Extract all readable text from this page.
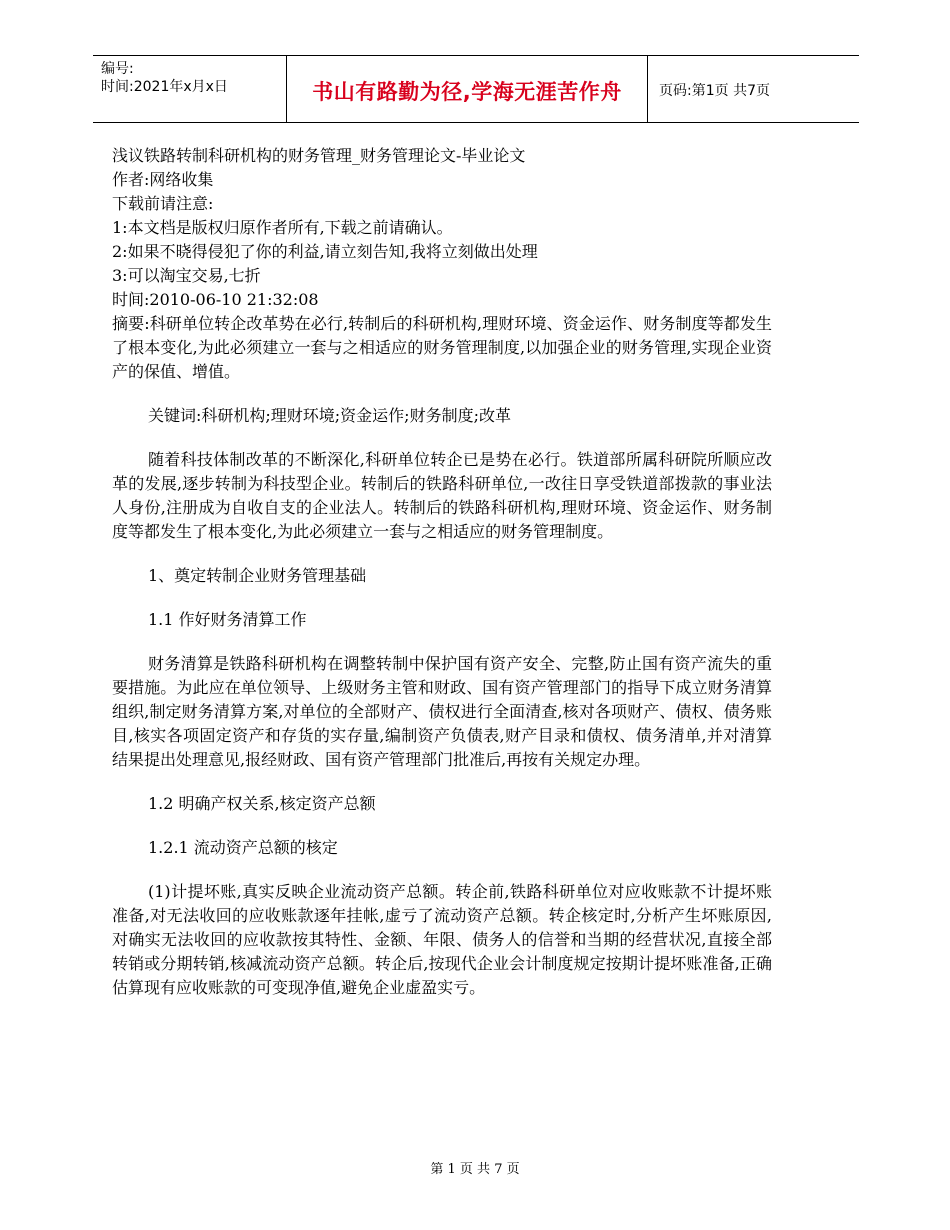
编号:
时间:2021年x月x日	书山有路勤为径,学海无涯苦作舟	页码:第1页 共7页
浅议铁路转制科研机构的财务管理_财务管理论文-毕业论文
作者:网络收集
下载前请注意:
1:本文档是版权归原作者所有,下载之前请确认。
2:如果不晓得侵犯了你的利益,请立刻告知,我将立刻做出处理
3:可以淘宝交易,七折
时间:2010-06-10 21:32:08

摘要:科研单位转企改革势在必行,转制后的科研机构,理财环境、资金运作、财务制度等都发生了根本变化,为此必须建立一套与之相适应的财务管理制度,以加强企业的财务管理,实现企业资产的保值、增值。

关键词:科研机构;理财环境;资金运作;财务制度;改革

随着科技体制改革的不断深化,科研单位转企已是势在必行。铁道部所属科研院所顺应改革的发展,逐步转制为科技型企业。转制后的铁路科研单位,一改往日享受铁道部拨款的事业法人身份,注册成为自收自支的企业法人。转制后的铁路科研机构,理财环境、资金运作、财务制度等都发生了根本变化,为此必须建立一套与之相适应的财务管理制度。

1、奠定转制企业财务管理基础

1.1 作好财务清算工作

财务清算是铁路科研机构在调整转制中保护国有资产安全、完整,防止国有资产流失的重要措施。为此应在单位领导、上级财务主管和财政、国有资产管理部门的指导下成立财务清算组织,制定财务清算方案,对单位的全部财产、债权进行全面清查,核对各项财产、债权、债务账目,核实各项固定资产和存货的实存量,编制资产负债表,财产目录和债权、债务清单,并对清算结果提出处理意见,报经财政、国有资产管理部门批准后,再按有关规定办理。

1.2 明确产权关系,核定资产总额

1.2.1 流动资产总额的核定

(1)计提坏账,真实反映企业流动资产总额。转企前,铁路科研单位对应收账款不计提坏账准备,对无法收回的应收账款逐年挂帐,虚亏了流动资产总额。转企核定时,分析产生坏账原因,对确实无法收回的应收款按其特性、金额、年限、债务人的信誉和当期的经营状况,直接全部转销或分期转销,核减流动资产总额。转企后,按现代企业会计制度规定按期计提坏账准备,正确估算现有应收账款的可变现净值,避免企业虚盈实亏。

第 1 页 共 7 页
